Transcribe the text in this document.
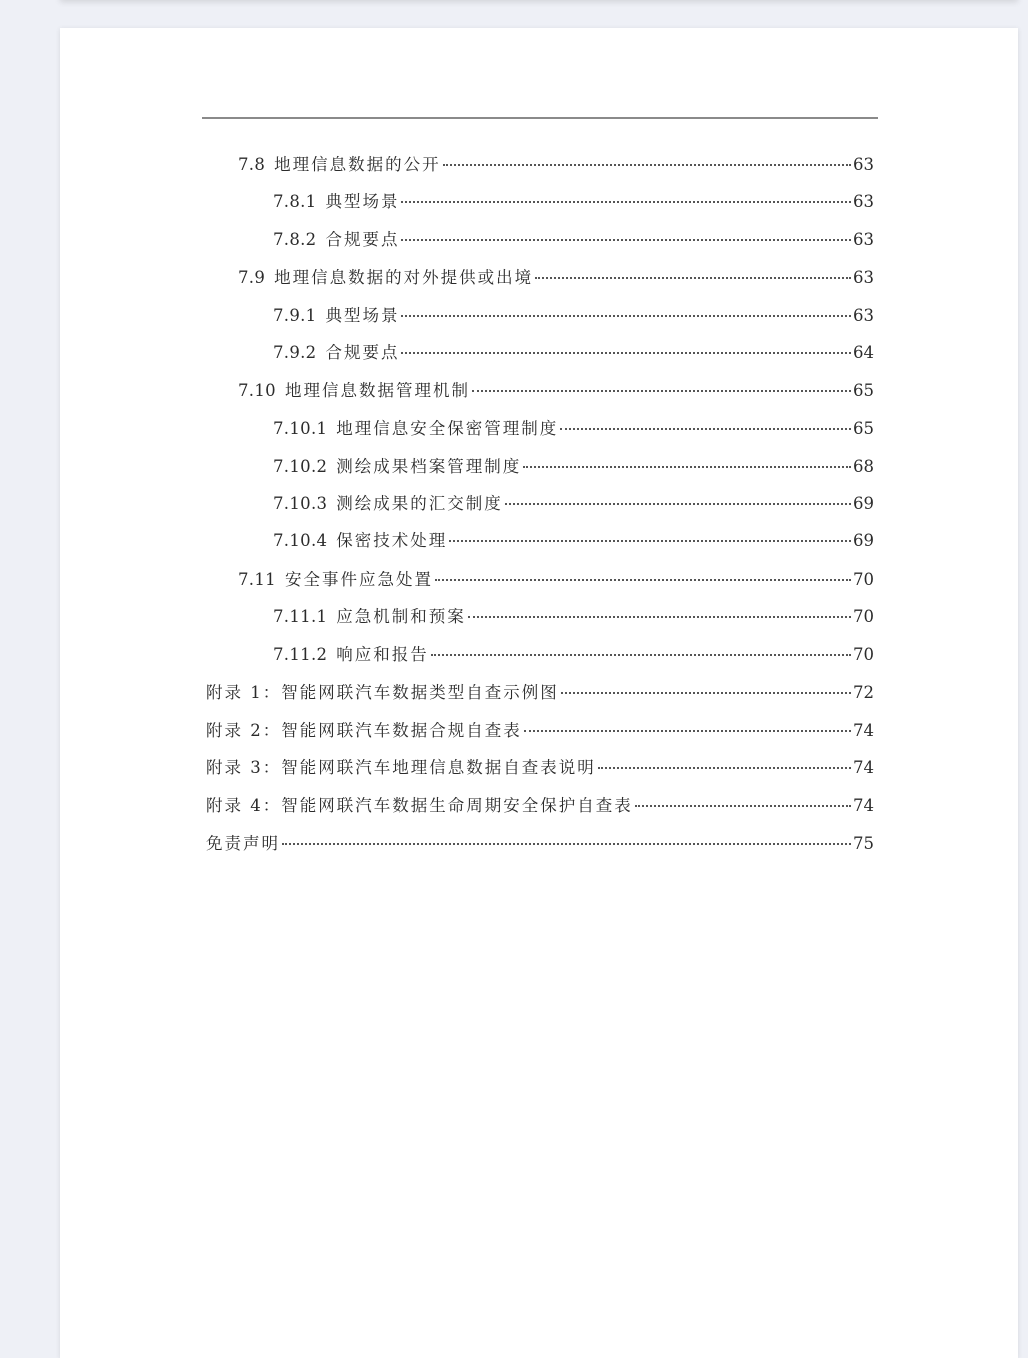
7.8 地理信息数据的公开	63
7.8.1 典型场景	63
7.8.2 合规要点	63
7.9 地理信息数据的对外提供或出境	63
7.9.1 典型场景	63
7.9.2 合规要点	64
7.10 地理信息数据管理机制	65
7.10.1 地理信息安全保密管理制度	65
7.10.2 测绘成果档案管理制度	68
7.10.3 测绘成果的汇交制度	69
7.10.4 保密技术处理	69
7.11 安全事件应急处置	70
7.11.1 应急机制和预案	70
7.11.2 响应和报告	70
附录 1：智能网联汽车数据类型自查示例图	72
附录 2：智能网联汽车数据合规自查表	74
附录 3：智能网联汽车地理信息数据自查表说明	74
附录 4：智能网联汽车数据生命周期安全保护自查表	74
免责声明	75
